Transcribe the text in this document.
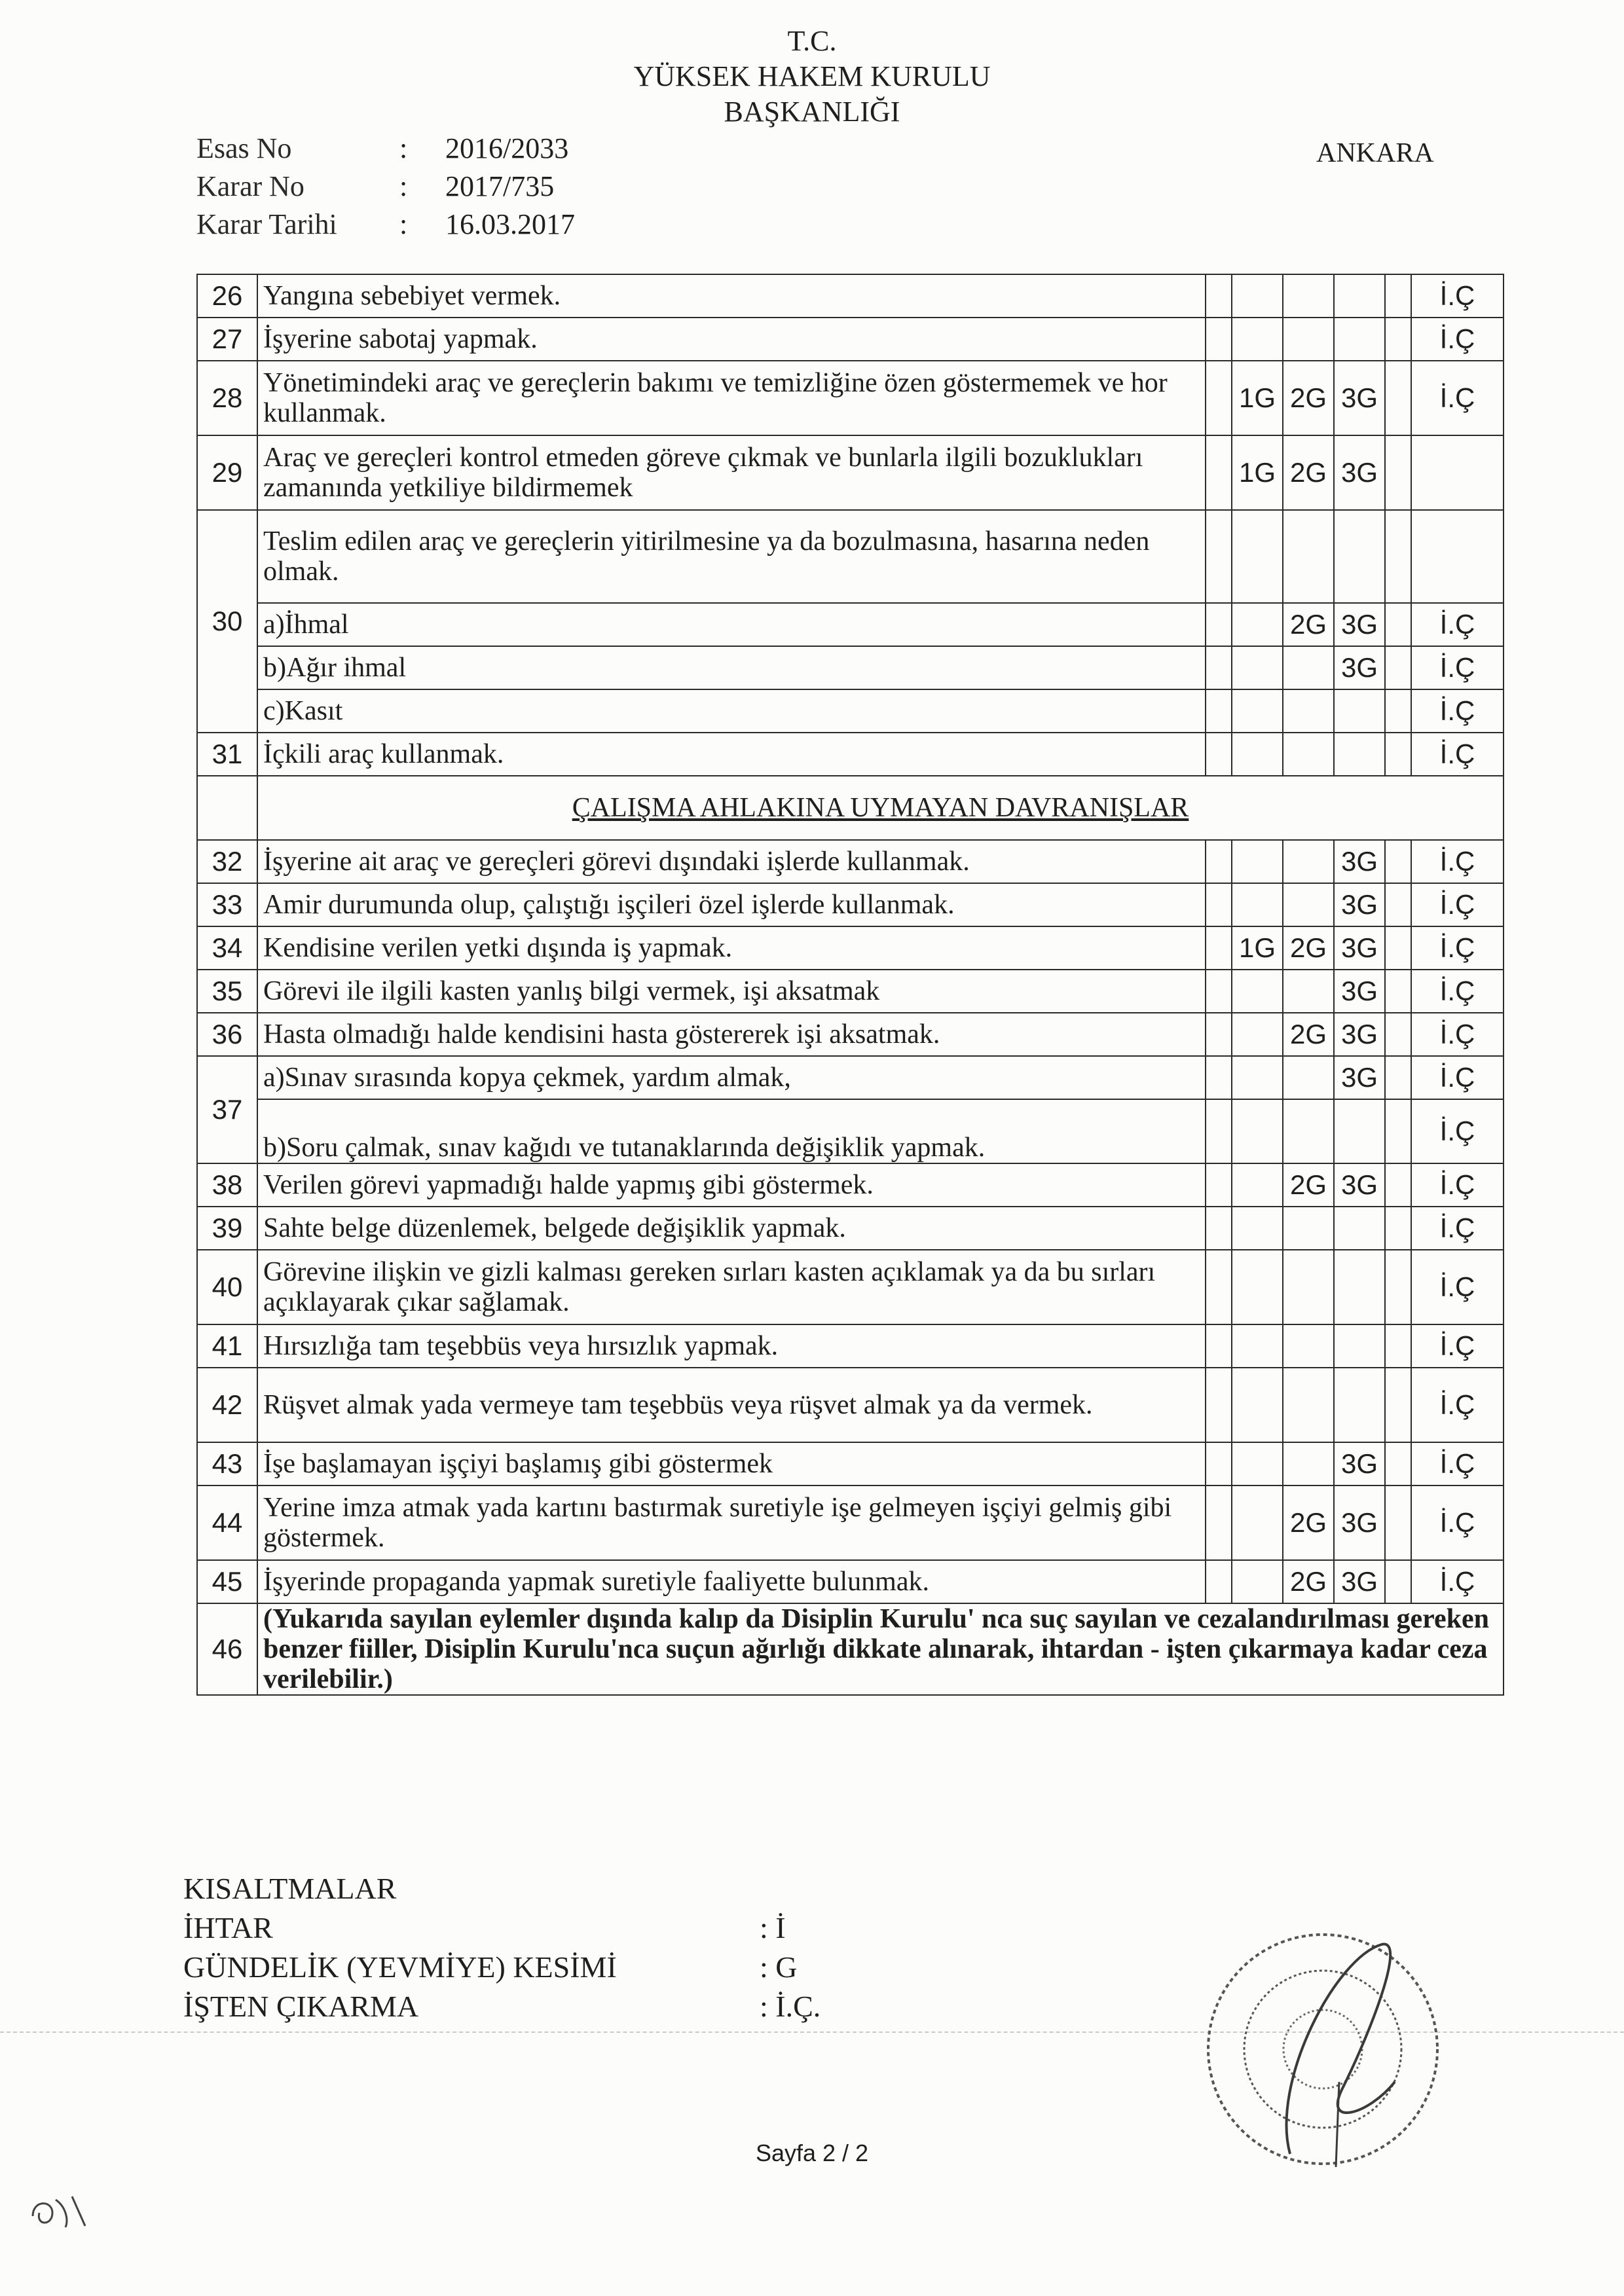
T.C.
YÜKSEK HAKEM KURULU
BAŞKANLIĞI
ANKARA
Esas No	:	2016/2033
Karar No	:	2017/735
Karar Tarihi	:	16.03.2017
26	Yangına sebebiyet vermek.						İ.Ç
27	İşyerine sabotaj yapmak.						İ.Ç
28	Yönetimindeki araç ve gereçlerin bakımı ve temizliğine özen göstermemek ve hor kullanmak.		1G	2G	3G		İ.Ç
29	Araç ve gereçleri kontrol etmeden göreve çıkmak ve bunlarla ilgili bozuklukları zamanında yetkiliye bildirmemek		1G	2G	3G		
30	Teslim edilen araç ve gereçlerin yitirilmesine ya da bozulmasına, hasarına neden olmak.						
	a)İhmal			2G	3G		İ.Ç
	b)Ağır ihmal				3G		İ.Ç
	c)Kasıt						İ.Ç
31	İçkili araç kullanmak.						İ.Ç
	ÇALIŞMA AHLAKINA UYMAYAN DAVRANIŞLAR						
32	İşyerine ait araç ve gereçleri görevi dışındaki işlerde kullanmak.				3G		İ.Ç
33	Amir durumunda olup, çalıştığı işçileri özel işlerde kullanmak.				3G		İ.Ç
34	Kendisine verilen yetki dışında iş yapmak.		1G	2G	3G		İ.Ç
35	Görevi ile ilgili kasten yanlış bilgi vermek, işi aksatmak				3G		İ.Ç
36	Hasta olmadığı halde kendisini hasta göstererek işi aksatmak.			2G	3G		İ.Ç
37	a)Sınav sırasında kopya çekmek, yardım almak,				3G		İ.Ç
	b)Soru çalmak, sınav kağıdı ve tutanaklarında değişiklik yapmak.						İ.Ç
38	Verilen görevi yapmadığı halde yapmış gibi göstermek.			2G	3G		İ.Ç
39	Sahte belge düzenlemek, belgede değişiklik yapmak.						İ.Ç
40	Görevine ilişkin ve gizli kalması gereken sırları kasten açıklamak ya da bu sırları açıklayarak çıkar sağlamak.						İ.Ç
41	Hırsızlığa tam teşebbüs veya hırsızlık yapmak.						İ.Ç
42	Rüşvet almak yada vermeye tam teşebbüs veya rüşvet almak ya da vermek.						İ.Ç
43	İşe başlamayan işçiyi başlamış gibi göstermek				3G		İ.Ç
44	Yerine imza atmak yada kartını bastırmak suretiyle işe gelmeyen işçiyi gelmiş gibi göstermek.			2G	3G		İ.Ç
45	İşyerinde propaganda yapmak suretiyle faaliyette bulunmak.			2G	3G		İ.Ç
46	(Yukarıda sayılan eylemler dışında kalıp da Disiplin Kurulu' nca suç sayılan ve cezalandırılması gereken benzer fiiller, Disiplin Kurulu'nca suçun ağırlığı dikkate alınarak, ihtardan - işten çıkarmaya kadar ceza verilebilir.)						
KISALTMALAR
İHTAR	: İ
GÜNDELİK (YEVMİYE) KESİMİ	: G
İŞTEN ÇIKARMA	: İ.Ç.
Sayfa 2 / 2
